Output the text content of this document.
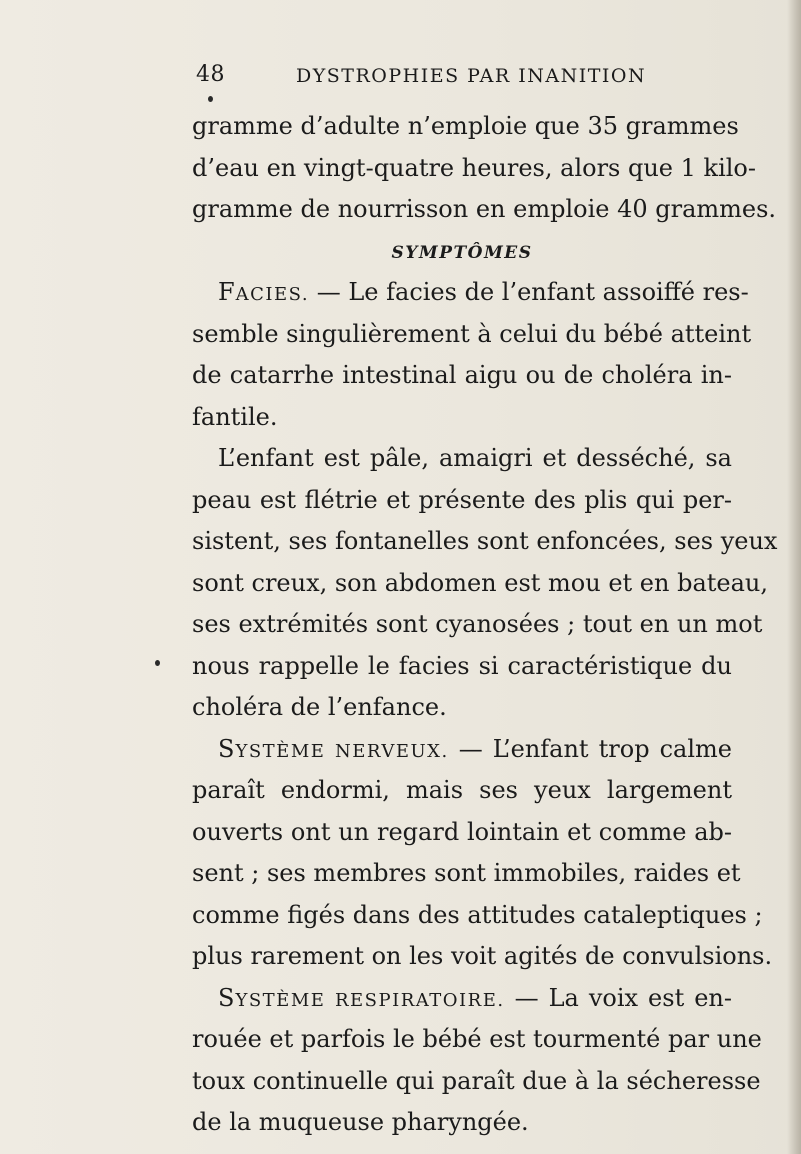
48	DYSTROPHIES PAR INANITION
gramme d’adulte n’emploie que 35 grammes
d’eau en vingt-quatre heures, alors que 1 kilo-
gramme de nourrisson en emploie 40 grammes.
SYMPTÔMES
FACIES. — Le facies de l’enfant assoiffé res-
semble singulièrement à celui du bébé atteint
de catarrhe intestinal aigu ou de choléra in-
fantile.
L’enfant est pâle, amaigri et desséché, sa
peau est flétrie et présente des plis qui per-
sistent, ses fontanelles sont enfoncées, ses yeux
sont creux, son abdomen est mou et en bateau,
ses extrémités sont cyanosées ; tout en un mot
nous rappelle le facies si caractéristique du
choléra de l’enfance.
SYSTÈME NERVEUX. — L’enfant trop calme
paraît endormi, mais ses yeux largement
ouverts ont un regard lointain et comme ab-
sent ; ses membres sont immobiles, raides et
comme figés dans des attitudes cataleptiques ;
plus rarement on les voit agités de convulsions.
SYSTÈME RESPIRATOIRE. — La voix est en-
rouée et parfois le bébé est tourmenté par une
toux continuelle qui paraît due à la sécheresse
de la muqueuse pharyngée.
